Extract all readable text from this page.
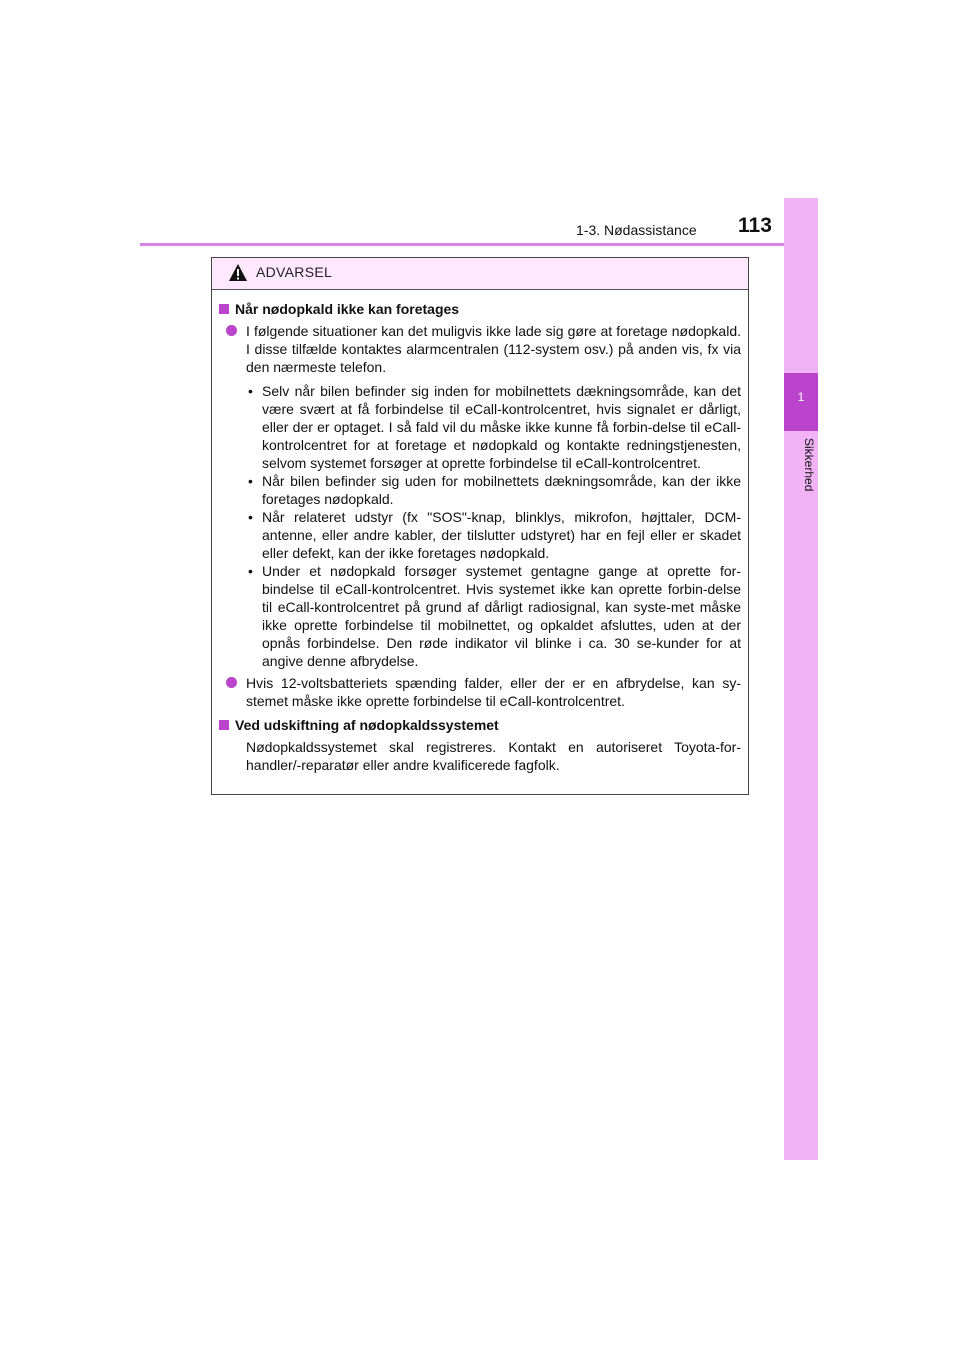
1-3. Nødassistance 113
1
Sikkerhed
ADVARSEL
Når nødopkald ikke kan foretages
I følgende situationer kan det muligvis ikke lade sig gøre at foretage nødopkald. I disse tilfælde kontaktes alarmcentralen (112-system osv.) på anden vis, fx via den nærmeste telefon.
• Selv når bilen befinder sig inden for mobilnettets dækningsområde, kan det være svært at få forbindelse til eCall-kontrolcentret, hvis signalet er dårligt, eller der er optaget. I så fald vil du måske ikke kunne få forbin-delse til eCall-kontrolcentret for at foretage et nødopkald og kontakte redningstjenesten, selvom systemet forsøger at oprette forbindelse til eCall-kontrolcentret.
• Når bilen befinder sig uden for mobilnettets dækningsområde, kan der ikke foretages nødopkald.
• Når relateret udstyr (fx "SOS"-knap, blinklys, mikrofon, højttaler, DCM-antenne, eller andre kabler, der tilslutter udstyret) har en fejl eller er skadet eller defekt, kan der ikke foretages nødopkald.
• Under et nødopkald forsøger systemet gentagne gange at oprette for-bindelse til eCall-kontrolcentret. Hvis systemet ikke kan oprette forbin-delse til eCall-kontrolcentret på grund af dårligt radiosignal, kan syste-met måske ikke oprette forbindelse til mobilnettet, og opkaldet afsluttes, uden at der opnås forbindelse. Den røde indikator vil blinke i ca. 30 se-kunder for at angive denne afbrydelse.
Hvis 12-voltsbatteriets spænding falder, eller der er en afbrydelse, kan sy-stemet måske ikke oprette forbindelse til eCall-kontrolcentret.
Ved udskiftning af nødopkaldssystemet
Nødopkaldssystemet skal registreres. Kontakt en autoriseret Toyota-for-handler/-reparatør eller andre kvalificerede fagfolk.
